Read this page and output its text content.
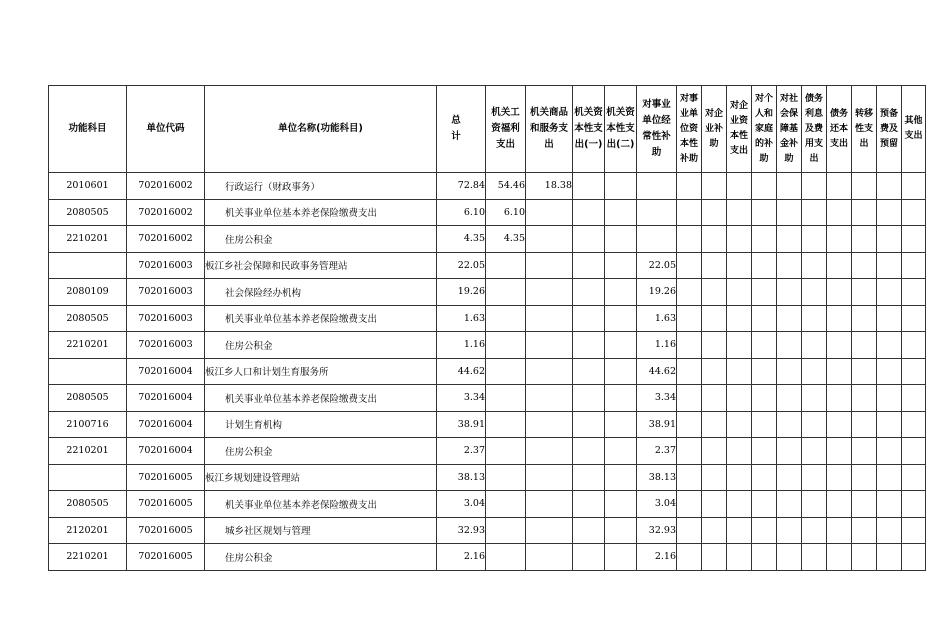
功能科目	单位代码	单位名称(功能科目)	总 计	机关工
资福利
支出	机关商品
和服务支
出	机关资
本性支
出(一)	机关资
本性支
出(二)	对事业
单位经
常性补
助	对事
业单
位资
本性
补助	对企
业补
助	对企
业资
本性
支出	对个
人和
家庭
的补
助	对社
会保
障基
金补
助	债务
利息
及费
用支
出	债务
还本
支出	转移
性支
出	预备
费及
预留	其他
支出
2010601	702016002	行政运行（财政事务）	72.84	54.46	18.38													
2080505	702016002	机关事业单位基本养老保险缴费支出	6.10	6.10														
2210201	702016002	住房公积金	4.35	4.35														
	702016003	板江乡社会保障和民政事务管理站	22.05					22.05										
2080109	702016003	社会保险经办机构	19.26					19.26										
2080505	702016003	机关事业单位基本养老保险缴费支出	1.63					1.63										
2210201	702016003	住房公积金	1.16					1.16										
	702016004	板江乡人口和计划生育服务所	44.62					44.62										
2080505	702016004	机关事业单位基本养老保险缴费支出	3.34					3.34										
2100716	702016004	计划生育机构	38.91					38.91										
2210201	702016004	住房公积金	2.37					2.37										
	702016005	板江乡规划建设管理站	38.13					38.13										
2080505	702016005	机关事业单位基本养老保险缴费支出	3.04					3.04										
2120201	702016005	城乡社区规划与管理	32.93					32.93										
2210201	702016005	住房公积金	2.16					2.16										
